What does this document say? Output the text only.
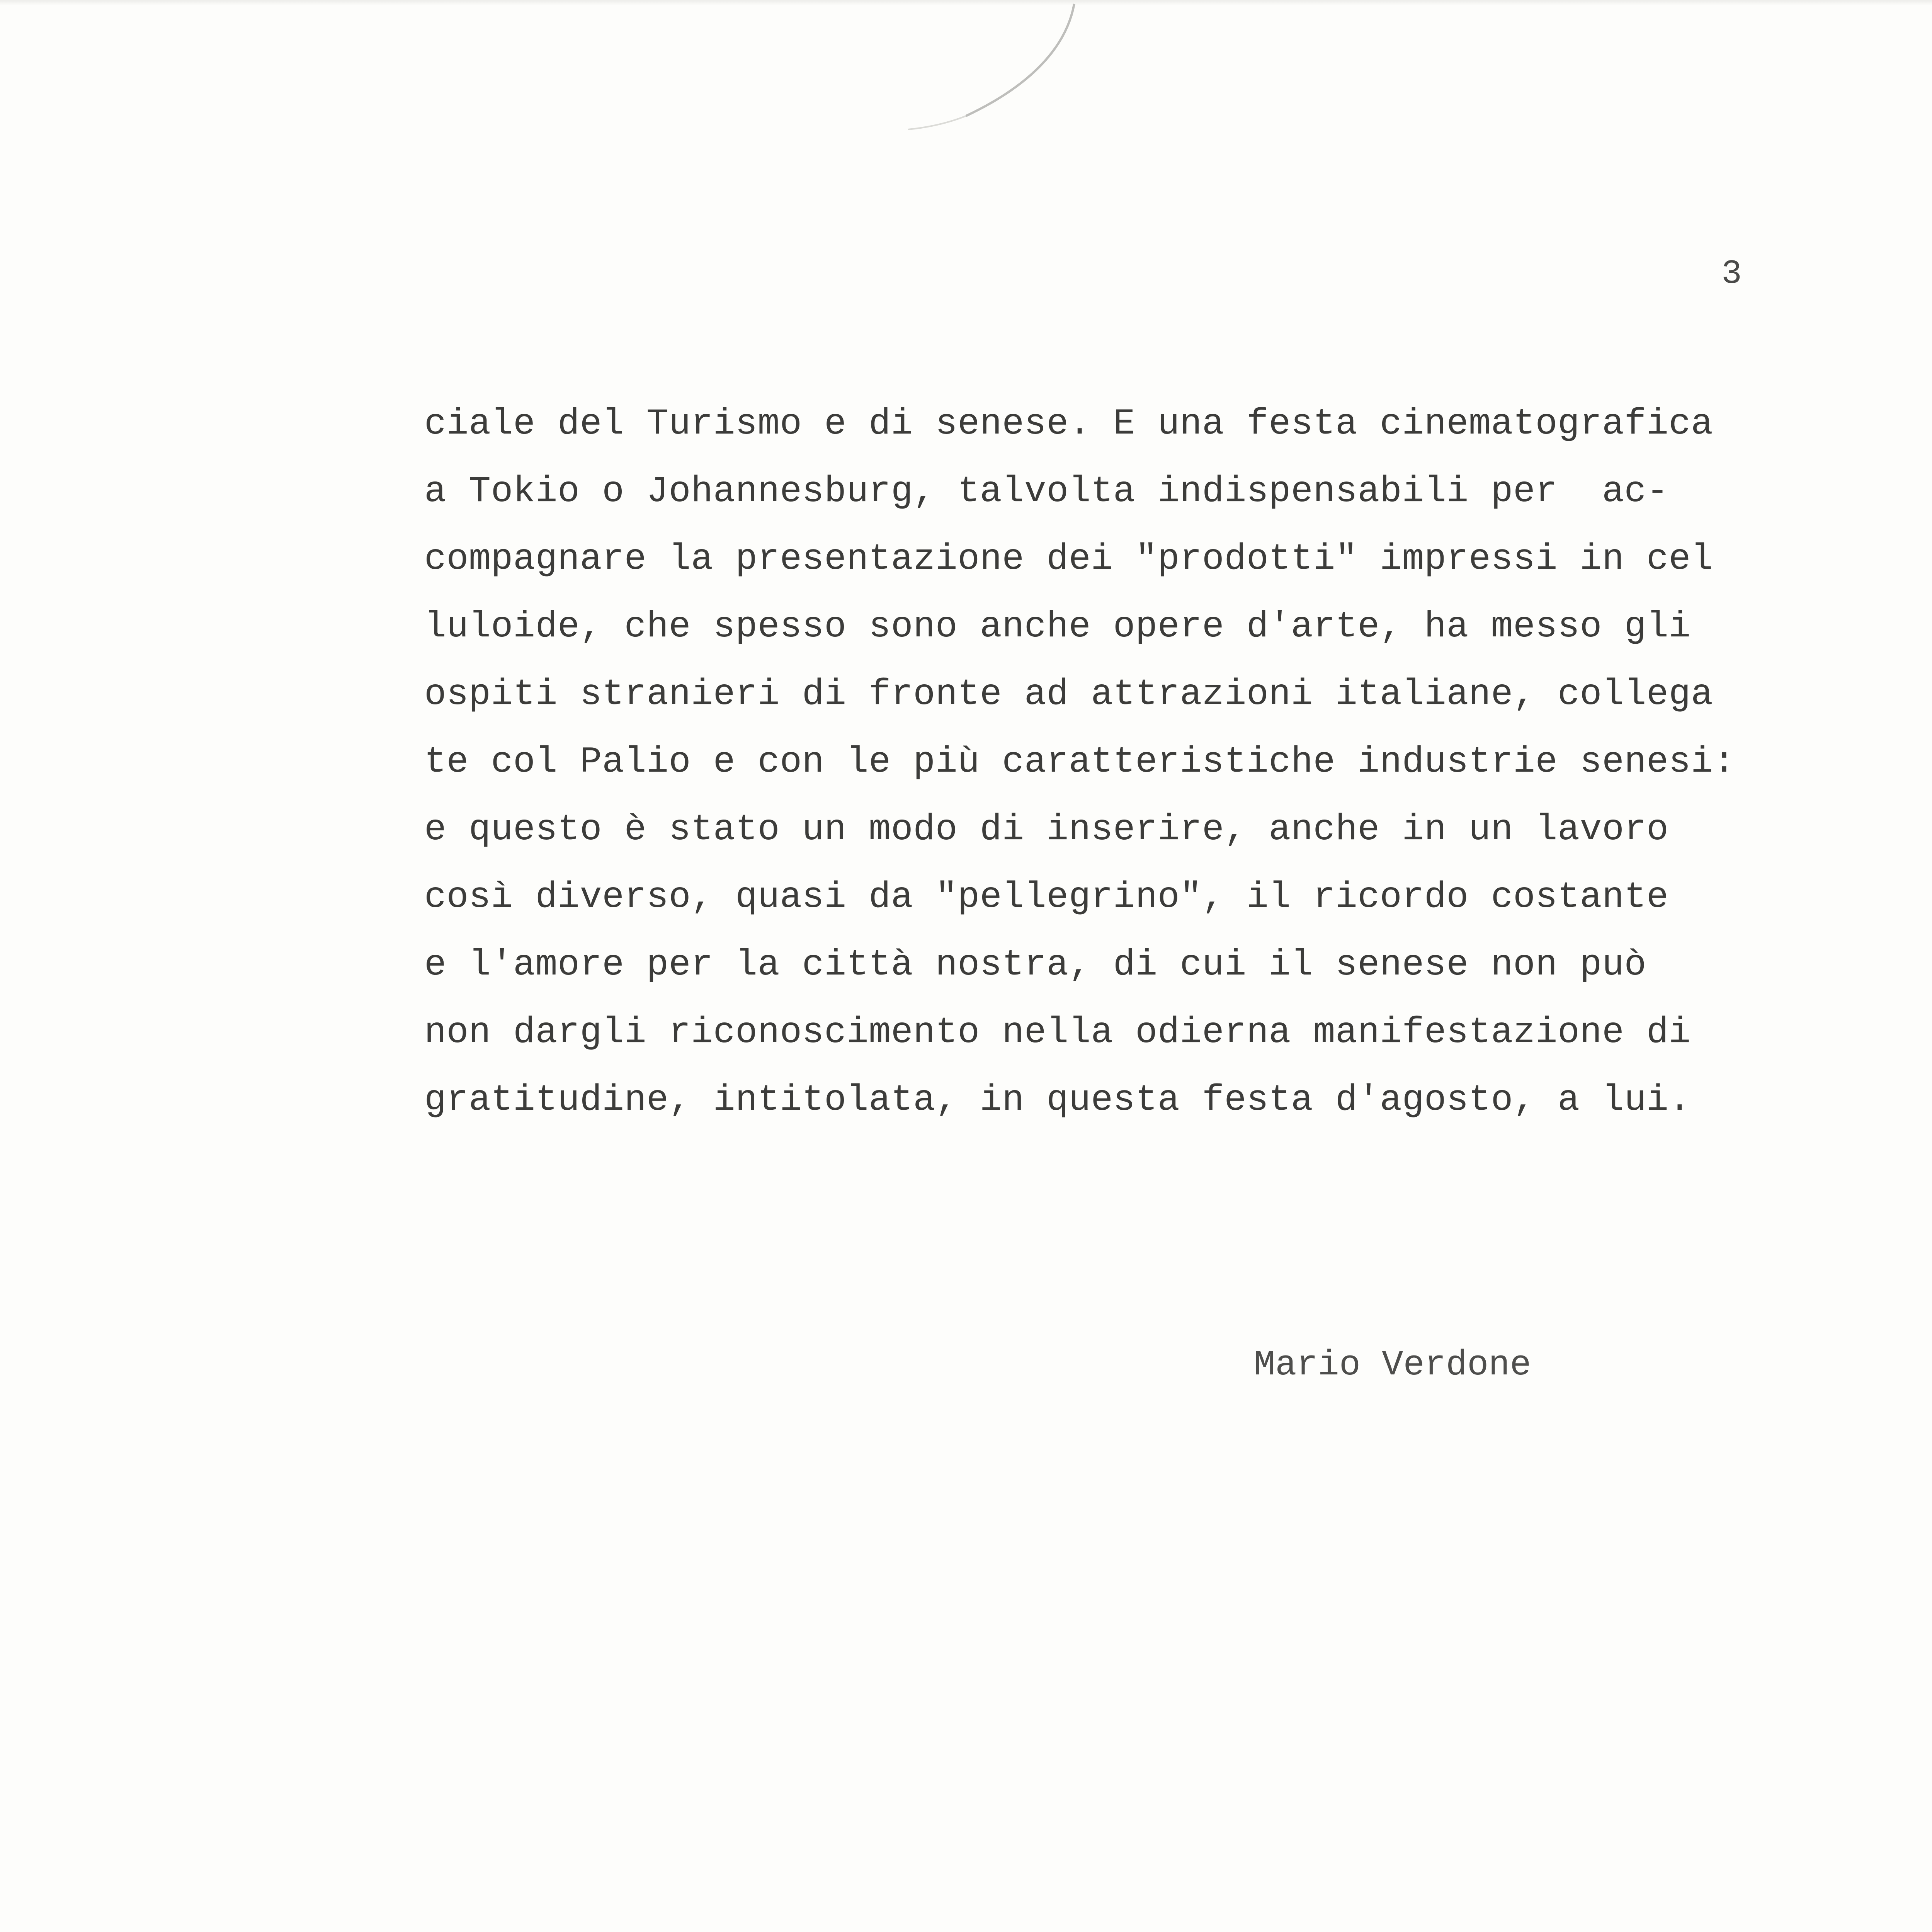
3
ciale del Turismo e di senese. E una festa cinematografica
a Tokio o Johannesburg, talvolta indispensabili per  ac-
compagnare la presentazione dei "prodotti" impressi in cel
luloide, che spesso sono anche opere d'arte, ha messo gli
ospiti stranieri di fronte ad attrazioni italiane, collega
te col Palio e con le più caratteristiche industrie senesi:
e questo è stato un modo di inserire, anche in un lavoro
così diverso, quasi da "pellegrino", il ricordo costante
e l'amore per la città nostra, di cui il senese non può
non dargli riconoscimento nella odierna manifestazione di
gratitudine, intitolata, in questa festa d'agosto, a lui.
Mario Verdone
